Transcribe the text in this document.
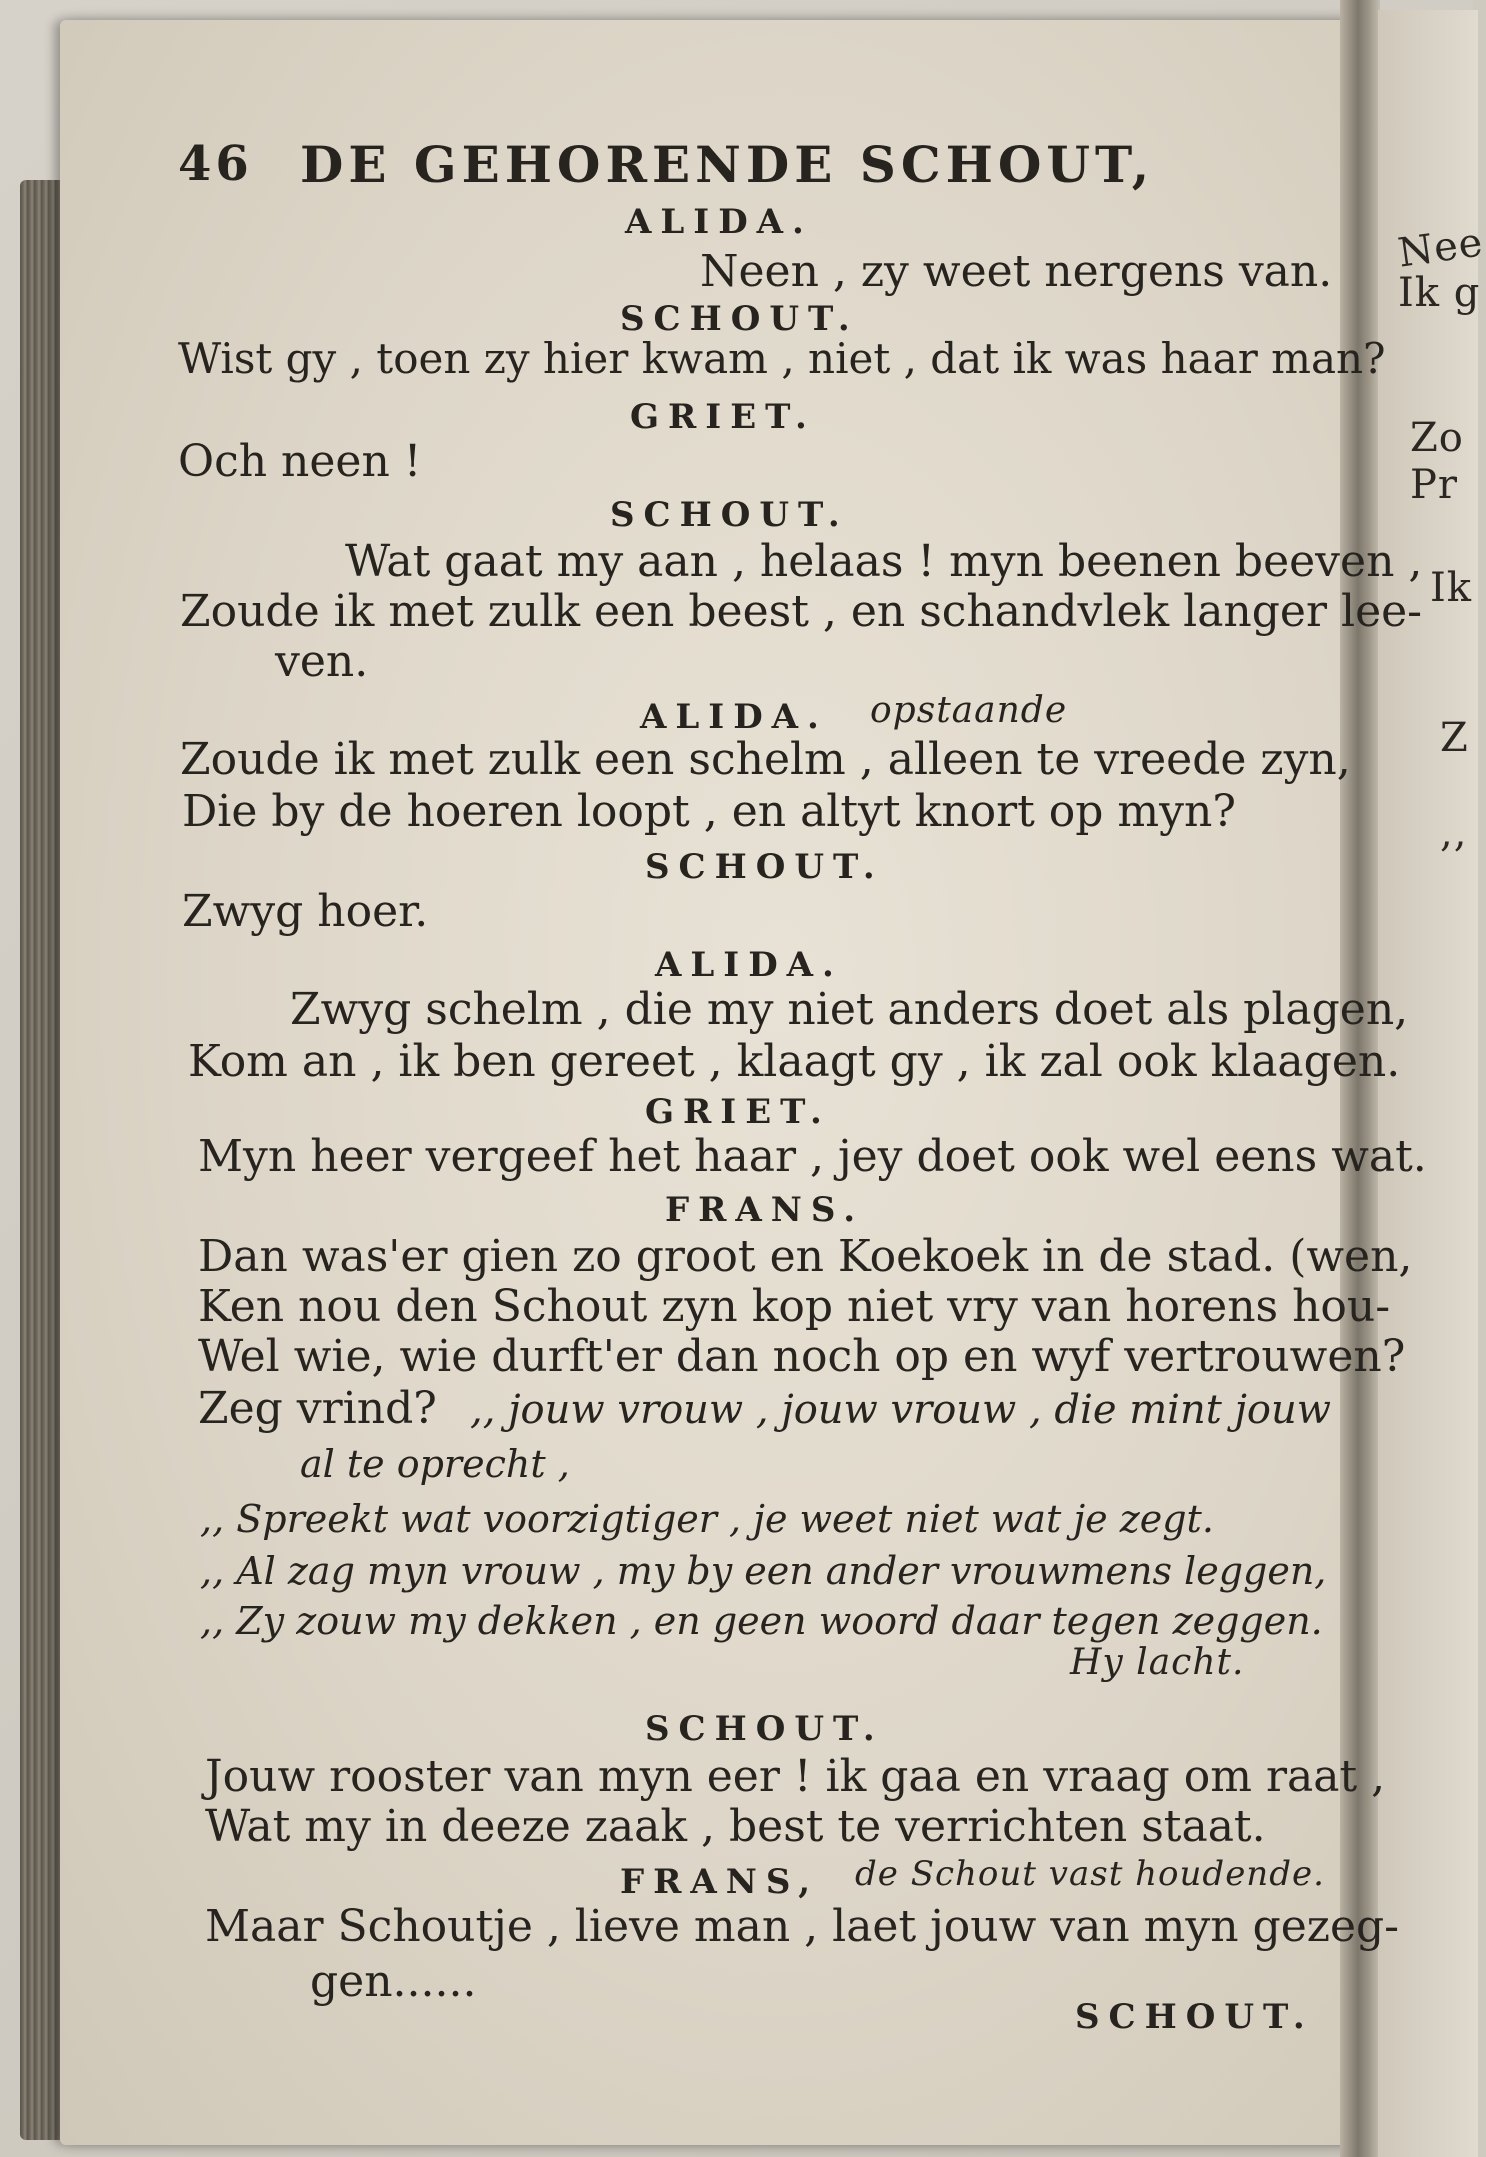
Nee
Ik g
Zo
Pr
Ik
Z
,,
46 DE GEHORENDE SCHOUT,
ALIDA.
Neen , zy weet nergens van.
SCHOUT.
Wist gy , toen zy hier kwam , niet , dat ik was haar man?
GRIET.
Och neen !
SCHOUT.
Wat gaat my aan , helaas ! myn beenen beeven ,
Zoude ik met zulk een beest , en schandvlek langer lee-
ven.
ALIDA. opstaande
Zoude ik met zulk een schelm , alleen te vreede zyn,
Die by de hoeren loopt , en altyt knort op myn?
SCHOUT.
Zwyg hoer.
ALIDA.
Zwyg schelm , die my niet anders doet als plagen,
Kom an , ik ben gereet , klaagt gy , ik zal ook klaagen.
GRIET.
Myn heer vergeef het haar , jey doet ook wel eens wat.
FRANS.
Dan was'er gien zo groot en Koekoek in de stad. (wen,
Ken nou den Schout zyn kop niet vry van horens hou-
Wel wie, wie durft'er dan noch op en wyf vertrouwen?
Zeg vrind? ,, jouw vrouw , jouw vrouw , die mint jouw
al te oprecht ,
,, Spreekt wat voorzigtiger , je weet niet wat je zegt.
,, Al zag myn vrouw , my by een ander vrouwmens leggen,
,, Zy zouw my dekken , en geen woord daar tegen zeggen.
Hy lacht.
SCHOUT.
Jouw rooster van myn eer ! ik gaa en vraag om raat ,
Wat my in deeze zaak , best te verrichten staat.
FRANS, de Schout vast houdende.
Maar Schoutje , lieve man , laet jouw van myn gezeg-
gen......
SCHOUT.
